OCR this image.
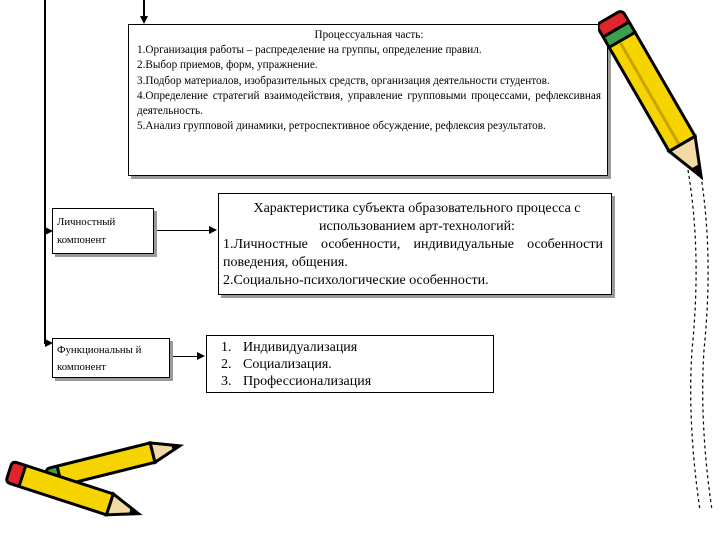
Процессуальная часть:
1.Организация работы – распределение на группы, определение правил.
2.Выбор приемов, форм, упражнение.
3.Подбор материалов, изобразительных средств, организация деятельности студентов.
4.Определение стратегий взаимодействия, управление групповыми процессами, рефлексивная деятельность.
5.Анализ групповой динамики, ретроспективное обсуждение, рефлексия результатов.
Личностный компонент
Функциональны й компонент
Характеристика субъекта образовательного процесса с использованием арт-технологий:
1.Личностные особенности, индивидуальные особенности поведения, общения.
2.Социально-психологические особенности.
1. Индивидуализация
2. Социализация.
3. Профессионализация
